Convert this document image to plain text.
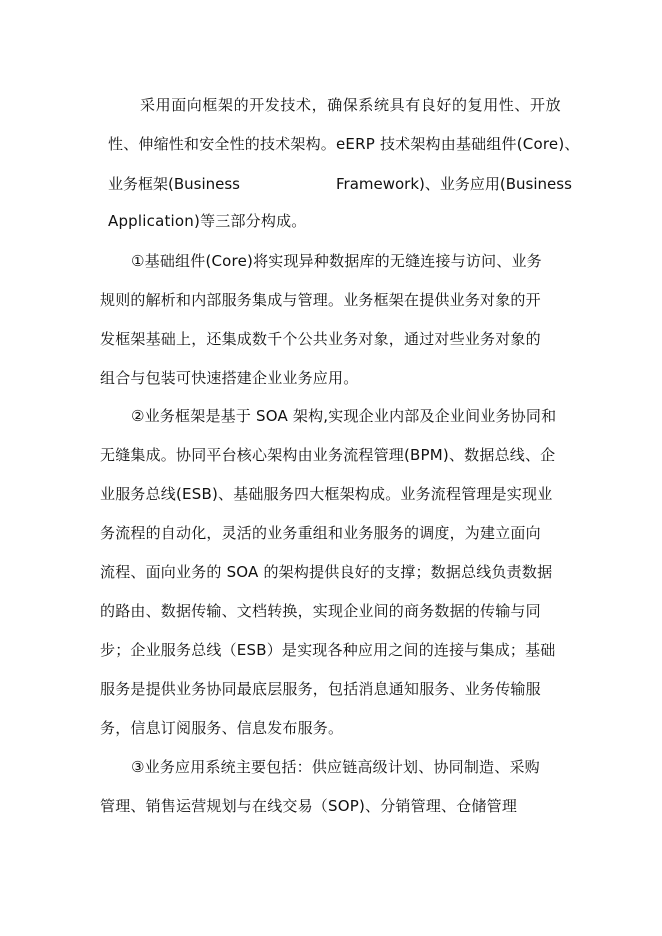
采用面向框架的开发技术，确保系统具有良好的复用性、开放
性、伸缩性和安全性的技术架构。eERP 技术架构由基础组件(Core)、
业务框架(Business	Framework)、业务应用(Business
Application)等三部分构成。
①基础组件(Core)将实现异种数据库的无缝连接与访问、业务
规则的解析和内部服务集成与管理。业务框架在提供业务对象的开
发框架基础上，还集成数千个公共业务对象，通过对些业务对象的
组合与包装可快速搭建企业业务应用。
②业务框架是基于 SOA 架构,实现企业内部及企业间业务协同和
无缝集成。协同平台核心架构由业务流程管理(BPM)、数据总线、企
业服务总线(ESB)、基础服务四大框架构成。业务流程管理是实现业
务流程的自动化，灵活的业务重组和业务服务的调度，为建立面向
流程、面向业务的 SOA 的架构提供良好的支撑；数据总线负责数据
的路由、数据传输、文档转换，实现企业间的商务数据的传输与同
步；企业服务总线（ESB）是实现各种应用之间的连接与集成；基础
服务是提供业务协同最底层服务，包括消息通知服务、业务传输服
务，信息订阅服务、信息发布服务。
③业务应用系统主要包括：供应链高级计划、协同制造、采购
管理、销售运营规划与在线交易（SOP)、分销管理、仓储管理
